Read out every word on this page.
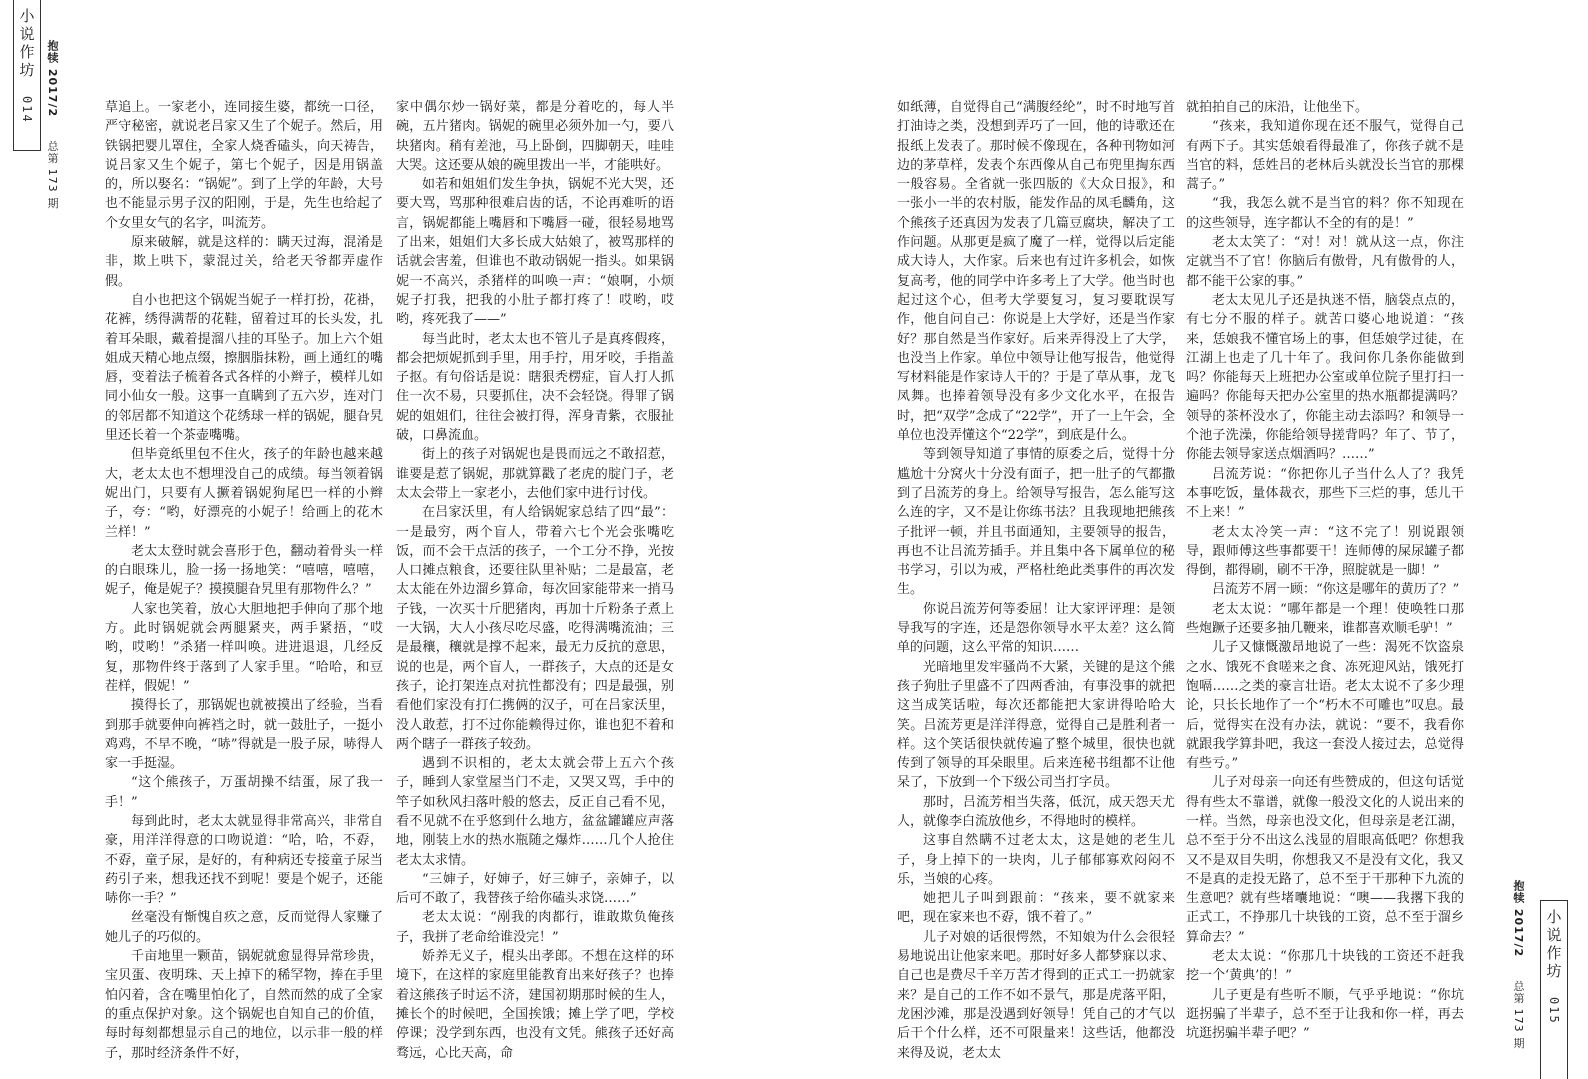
小说作坊
014 抱犊 2017/2  总第 173 期

草追上。一家老小，连同接生婆，都统一口径，严守秘密，就说老吕家又生了个妮子。然后，用铁锅把婴儿罩住，全家人烧香磕头，向天祷告，说吕家又生个妮子，第七个妮子，因是用锅盖的，所以娶名：“锅妮”。到了上学的年龄，大号也不能显示男子汉的阳刚，于是，先生也给起了个女里女气的名字，叫流芳。

原来破解，就是这样的：瞒天过海，混淆是非，欺上哄下，蒙混过关，给老天爷都弄虚作假。

自小也把这个锅妮当妮子一样打扮，花褂，花裤，绣得满帮的花鞋，留着过耳的长头发，扎着耳朵眼，戴着提溜八挂的耳坠子。加上六个姐姐成天精心地点缀，擦胭脂抹粉，画上通红的嘴唇，变着法子梳着各式各样的小辫子，模样儿如同小仙女一般。这事一直瞒到了五六岁，连对门的邻居都不知道这个花绣球一样的锅妮，腿旮旯里还长着一个茶壶嘴嘴。

但毕竟纸里包不住火，孩子的年龄也越来越大，老太太也不想埋没自己的成绩。每当领着锅妮出门，只要有人撅着锅妮狗尾巴一样的小辫子，夸：“哟，好漂亮的小妮子！给画上的花木兰样！”

老太太登时就会喜形于色，翻动着骨头一样的白眼珠儿，脸一扬一扬地笑：“嘻嘻，嘻嘻，妮子，俺是妮子？摸摸腿旮旯里有那物件么？”

人家也笑着，放心大胆地把手伸向了那个地方。此时锅妮就会两腿紧夹，两手紧捂，“哎哟，哎哟！”杀猪一样叫唤。进进退退，几经反复，那物件终于落到了人家手里。“哈哈，和豆茬样，假妮！”

摸得长了，那锅妮也就被摸出了经验，当看到那手就要伸向裤裆之时，就一鼓肚子，一挺小鸡鸡，不早不晚，“哧”得就是一股子尿，哧得人家一手挺湿。

“这个熊孩子，万蛋胡操不结蛋，尿了我一手！”

每到此时，老太太就显得非常高兴，非常自豪，用洋洋得意的口吻说道：“哈，哈，不孬，不孬，童子尿，是好的，有种病还专接童子尿当药引子来，想我还找不到呢！要是个妮子，还能哧你一手？”

丝毫没有惭愧自疚之意，反而觉得人家赚了她儿子的巧似的。

千亩地里一颗苗，锅妮就愈显得异常珍贵，宝贝蛋、夜明珠、天上掉下的稀罕物，捧在手里怕闪着，含在嘴里怕化了，自然而然的成了全家的重点保护对象。这个锅妮也自知自己的价值，每时每刻都想显示自己的地位，以示非一般的样子，那时经济条件不好，

家中偶尔炒一锅好菜，都是分着吃的，每人半碗，五片猪肉。锅妮的碗里必须外加一勺，要八块猪肉。稍有差池，马上卧倒，四脚朝天，哇哇大哭。这还要从娘的碗里拨出一半，才能哄好。

如若和姐姐们发生争执，锅妮不光大哭，还要大骂，骂那种很难启齿的话，不论再难听的语言，锅妮都能上嘴唇和下嘴唇一碰，很轻易地骂了出来，姐姐们大多长成大姑娘了，被骂那样的话就会害羞，但谁也不敢动锅妮一指头。如果锅妮一不高兴，杀猪样的叫唤一声：“娘啊，小烦妮子打我，把我的小肚子都打疼了！哎哟，哎哟，疼死我了——”

每当此时，老太太也不管儿子是真疼假疼，都会把烦妮抓到手里，用手拧，用牙咬，手指盖子抠。有句俗话是说：瞎狠秃楞症，盲人打人抓住一次不易，只要抓住，决不会轻饶。得罪了锅妮的姐姐们，往往会被打得，浑身青紫，衣服扯破，口鼻流血。

街上的孩子对锅妮也是畏而远之不敢招惹，谁要是惹了锅妮，那就算戳了老虎的腚门子，老太太会带上一家老小，去他们家中进行讨伐。

在吕家沃里，有人给锅妮家总结了四“最”：一是最穷，两个盲人，带着六七个光会张嘴吃饭，而不会干点活的孩子，一个工分不挣，光按人口摊点粮食，还要往队里补贴；二是最富，老太太能在外边溜乡算命，每次回家能带来一捎马子钱，一次买十斤肥猪肉，再加十斤粉条子煮上一大锅，大人小孩尽吃尽盛，吃得满嘴流油；三是最穰，穰就是撑不起来，最无力反抗的意思，说的也是，两个盲人，一群孩子，大点的还是女孩子，论打架连点对抗性都没有；四是最强，别看他们家没有打仁携俩的汉子，可在吕家沃里，没人敢惹，打不过你能赖得过你，谁也犯不着和两个瞎子一群孩子较劲。

遇到不识相的，老太太就会带上五六个孩子，睡到人家堂屋当门不走，又哭又骂，手中的竿子如秋风扫落叶般的悠去，反正自己看不见，看不见就不在乎悠到什么地方，盆盆罐罐应声落地，刚装上水的热水瓶随之爆炸……几个人抢住老太太求情。

“三婶子，好婶子，好三婶子，亲婶子，以后可不敢了，我替孩子给你磕头求饶……”

老太太说：“剐我的肉都行，谁敢欺负俺孩子，我拼了老命给谁没完！”

娇养无义子，棍头出孝郎。不想在这样的环境下，在这样的家庭里能教育出来好孩子？也捧着这熊孩子时运不济，建国初期那时候的生人，摊长个的时候吧，全国挨饿；摊上学了吧，学校停课；没学到东西，也没有文凭。熊孩子还好高骛远，心比天高，命

如纸薄，自觉得自己“满腹经纶”，时不时地写首打油诗之类，没想到弄巧了一回，他的诗歌还在报纸上发表了。那时候不像现在，各种刊物如河边的茅草样，发表个东西像从自己布兜里掏东西一般容易。全省就一张四版的《大众日报》，和一张小一半的农村版，能发作品的凤毛麟角，这个熊孩子还真因为发表了几篇豆腐块，解决了工作问题。从那更是疯了魔了一样，觉得以后定能成大诗人，大作家。后来也有过许多机会，如恢复高考，他的同学中许多考上了大学。他当时也起过这个心，但考大学要复习，复习要耽误写作，他自问自己：你说是上大学好，还是当作家好？那自然是当作家好。后来弄得没上了大学，也没当上作家。单位中领导让他写报告，他觉得写材料能是作家诗人干的？于是了草从事，龙飞凤舞。也捧着领导没有多少文化水平，在报告时，把“双学”念成了“22学”，开了一上午会，全单位也没弄懂这个“22学”，到底是什么。

等到领导知道了事情的原委之后，觉得十分尴尬十分窝火十分没有面子，把一肚子的气都撒到了吕流芳的身上。给领导写报告，怎么能写这么连的字，又不是让你练书法？且我现地把熊孩子批评一顿，并且书面通知，主要领导的报告，再也不让吕流芳插手。并且集中各下属单位的秘书学习，引以为戒，严格杜绝此类事件的再次发生。

你说吕流芳何等委屈！让大家评评理：是领导我写的字连，还是怨你领导水平太差？这么简单的问题，这么平常的知识……

光暗地里发牢骚尚不大紧，关键的是这个熊孩子狗肚子里盛不了四两香油，有事没事的就把这当成笑话啦，每次还都能把大家讲得哈哈大笑。吕流芳更是洋洋得意，觉得自己是胜利者一样。这个笑话很快就传遍了整个城里，很快也就传到了领导的耳朵眼里。后来连秘书组都不让他呆了，下放到一个下级公司当打字员。

那时，吕流芳相当失落，低沉，成天怨天尤人，就像李白流放他乡，不得地时的模样。

这事自然瞒不过老太太，这是她的老生儿子，身上掉下的一块肉，儿子郁郁寡欢闷闷不乐，当娘的心疼。

她把儿子叫到跟前：“孩来，要不就家来吧，现在家来也不孬，饿不着了。”

儿子对娘的话很愕然，不知娘为什么会很轻易地说出让他家来吧。那时好多人都梦寐以求、自己也是费尽千辛万苦才得到的正式工一扔就家来？是自己的工作不如不景气，那是虎落平阳，龙困沙滩，那是没遇到好领导！凭自己的才气以后干个什么样，还不可限量来！这些话，他都没来得及说，老太太

就拍拍自己的床沿，让他坐下。

“孩来，我知道你现在还不服气，觉得自己有两下子。其实恁娘看得最准了，你孩子就不是当官的料，恁姓吕的老林后头就没长当官的那棵蒿子。”

“我，我怎么就不是当官的料？你不知现在的这些领导，连字都认不全的有的是！”

老太太笑了：“对！对！就从这一点，你注定就当不了官！你脑后有傲骨，凡有傲骨的人，都不能干公家的事。”

老太太见儿子还是执迷不悟，脑袋点点的，有七分不服的样子。就苦口婆心地说道：“孩来，恁娘我不懂官场上的事，但恁娘学过徒，在江湖上也走了几十年了。我问你几条你能做到吗？你能每天上班把办公室或单位院子里打扫一遍吗？你能每天把办公室里的热水瓶都提满吗？领导的茶杯没水了，你能主动去添吗？和领导一个池子洗澡，你能给领导搓背吗？年了、节了，你能去领导家送点烟酒吗？……”

吕流芳说：“你把你儿子当什么人了？我凭本事吃饭，量体裁衣，那些下三烂的事，恁儿干不上来！”

老太太冷笑一声：“这不完了！别说跟领导，跟师傅这些事都要干！连师傅的屎尿罐子都得倒，都得刷，刷不干净，照腚就是一脚！”

吕流芳不屑一顾：“你这是哪年的黄历了？”

老太太说：“哪年都是一个理！使唤牲口那些炮蹶子还要多抽几鞭来，谁都喜欢顺毛驴！”

儿子又慷慨激昂地说了一些：渴死不饮盗泉之水、饿死不食嗟来之食、冻死迎风站，饿死打饱嗝……之类的豪言壮语。老太太说不了多少理论，只长长地作了一个“朽木不可雕也”叹息。最后，觉得实在没有办法，就说：“要不，我看你就跟我学算卦吧，我这一套没人接过去，总觉得有些亏。”

儿子对母亲一向还有些赞成的，但这句话觉得有些太不靠谱，就像一般没文化的人说出来的一样。当然，母亲也没文化，但母亲是老江湖，总不至于分不出这么浅显的眉眼高低吧？你想我又不是双目失明，你想我又不是没有文化，我又不是真的走投无路了，总不至于干那种下九流的生意吧？就有些堵囔地说：“噢——我撂下我的正式工，不挣那几十块钱的工资，总不至于溜乡算命去？”

老太太说：“你那几十块钱的工资还不赶我挖一个‘黄典’的！”

儿子更是有些听不顺，气乎乎地说：“你坑逛拐骗了半辈子，总不至于让我和你一样，再去坑逛拐骗半辈子吧？”

抱犊 2017/2  总第 173 期
小说作坊
015
